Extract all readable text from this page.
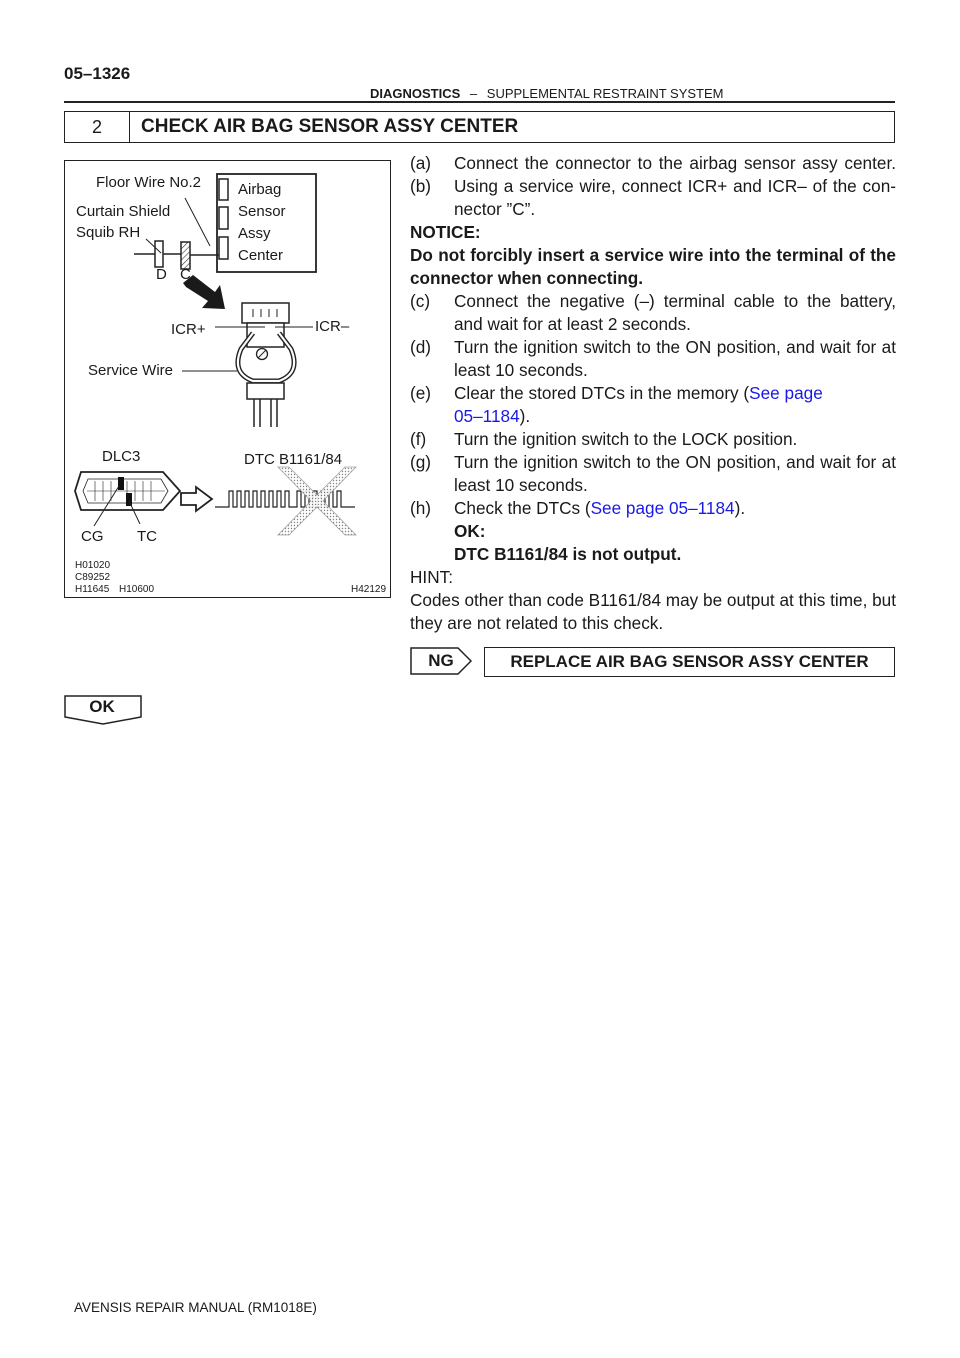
05–1326
DIAGNOSTICS – SUPPLEMENTAL RESTRAINT SYSTEM
2	CHECK AIR BAG SENSOR ASSY CENTER
Floor Wire No.2
Curtain Shield
Squib RH
Airbag
Sensor
Assy
Center
D C
ICR+	ICR–
Service Wire
DLC3	DTC B1161/84
CG TC
H01020
C89252
H11645 H10600	H42129
(a)	Connect the connector to the airbag sensor assy center.
(b)	Using a service wire, connect ICR+ and ICR– of the con-
nector ”C”.
NOTICE:
Do not forcibly insert a service wire into the terminal of the
connector when connecting.
(c)	Connect the negative (–) terminal cable to the battery,
and wait for at least 2 seconds.
(d)	Turn the ignition switch to the ON position, and wait for at
least 10 seconds.
(e)	Clear the stored DTCs in the memory (See page
05–1184).
(f)	Turn the ignition switch to the LOCK position.
(g)	Turn the ignition switch to the ON position, and wait for at
least 10 seconds.
(h)	Check the DTCs (See page 05–1184).
OK:
DTC B1161/84 is not output.
HINT:
Codes other than code B1161/84 may be output at this time, but
they are not related to this check.
NG	REPLACE AIR BAG SENSOR ASSY CENTER
OK
AVENSIS REPAIR MANUAL (RM1018E)
